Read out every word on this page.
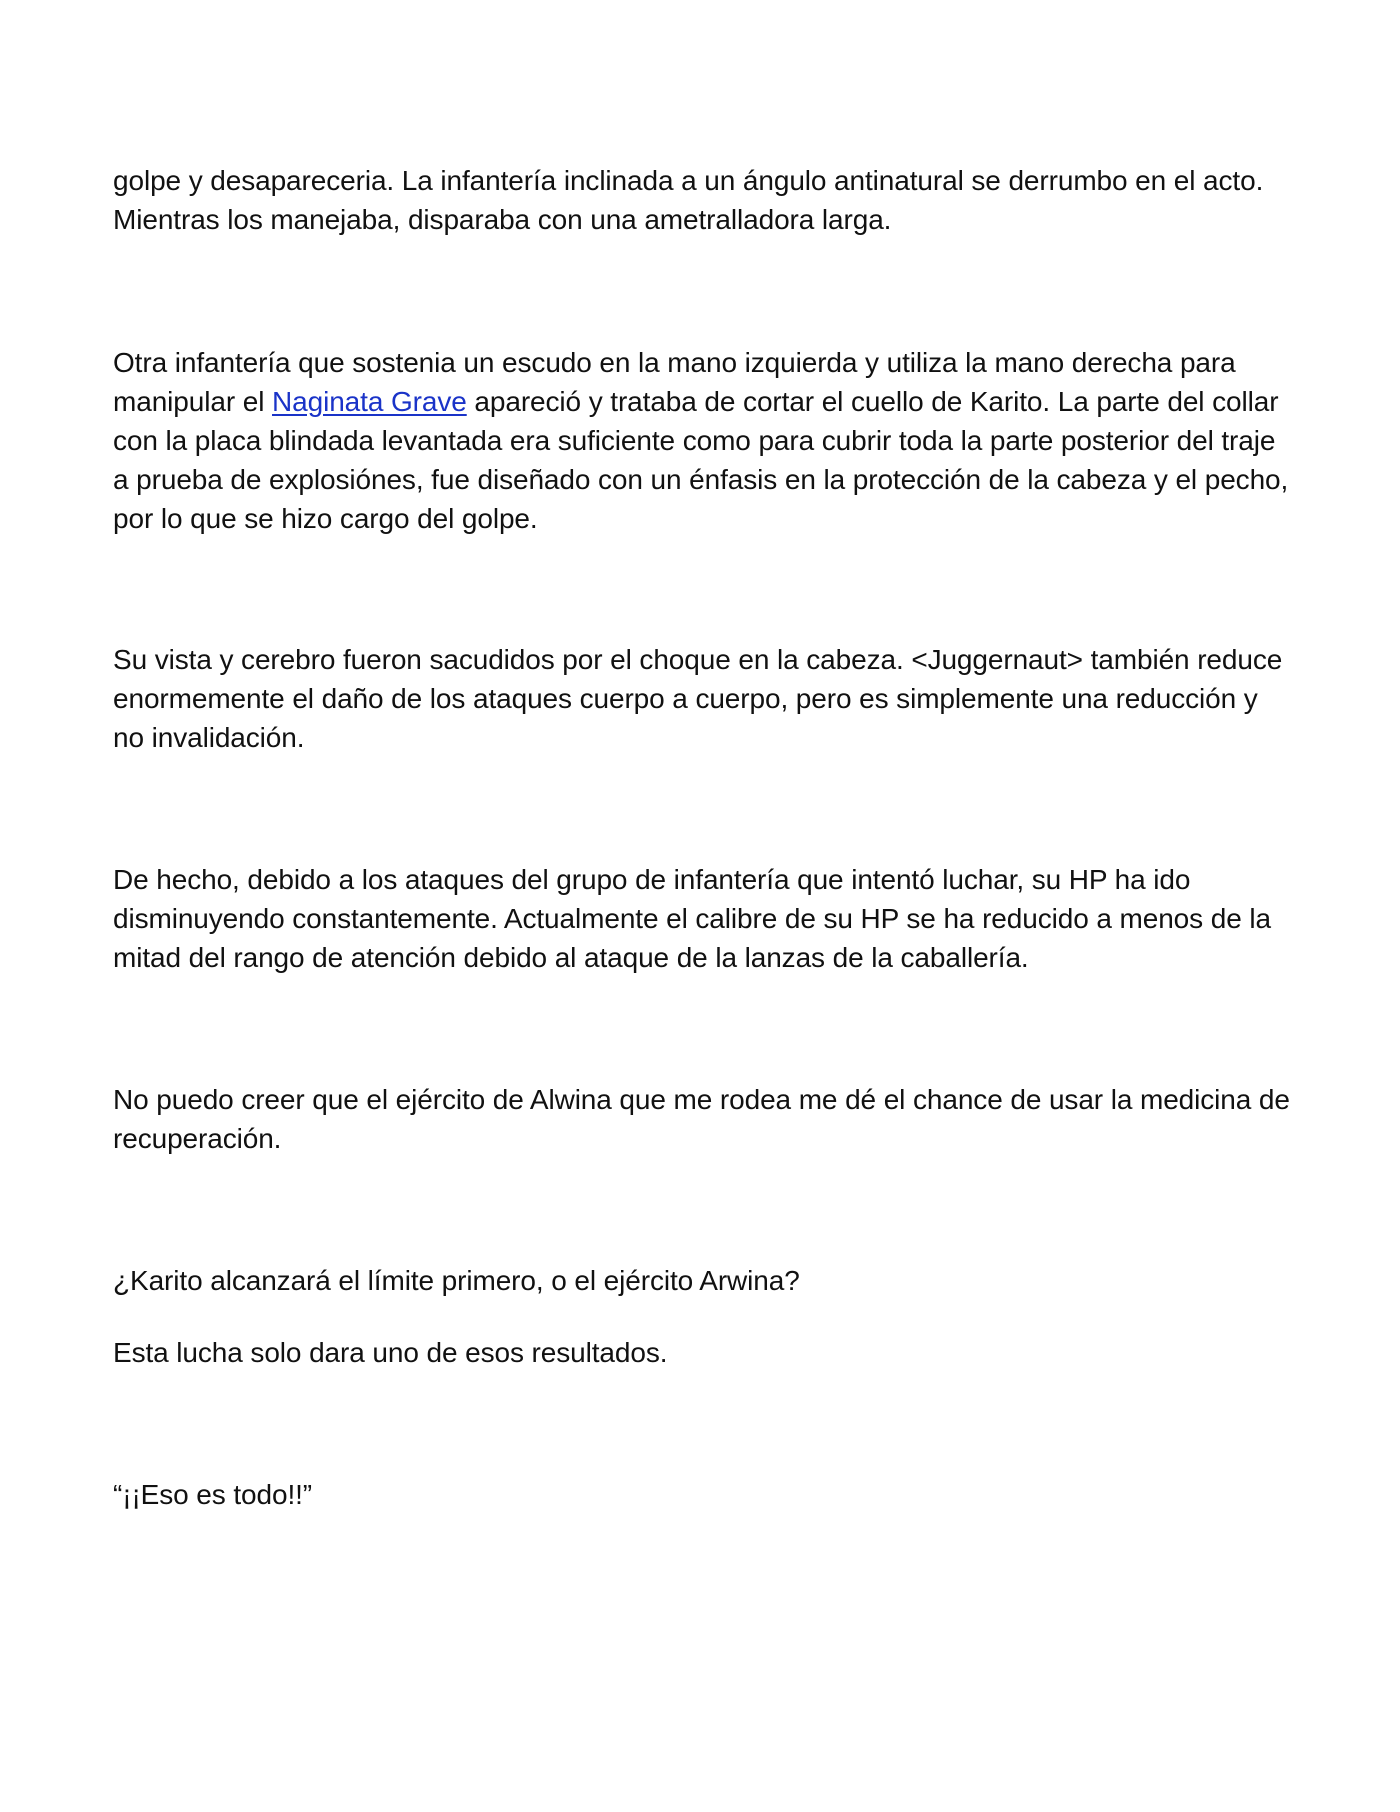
golpe y desapareceria. La infantería inclinada a un ángulo antinatural se derrumbo en el acto. Mientras los manejaba, disparaba con una ametralladora larga.

Otra infantería que sostenia un escudo en la mano izquierda y utiliza la mano derecha para manipular el Naginata Grave apareció y trataba de cortar el cuello de Karito. La parte del collar con la placa blindada levantada era suficiente como para cubrir toda la parte posterior del traje a prueba de explosiónes, fue diseñado con un énfasis en la protección de la cabeza y el pecho, por lo que se hizo cargo del golpe.

Su vista y cerebro fueron sacudidos por el choque en la cabeza. <Juggernaut> también reduce enormemente el daño de los ataques cuerpo a cuerpo, pero es simplemente una reducción y no invalidación.

De hecho, debido a los ataques del grupo de infantería que intentó luchar, su HP ha ido disminuyendo constantemente. Actualmente el calibre de su HP se ha reducido a menos de la mitad del rango de atención debido al ataque de la lanzas de la caballería.

No puedo creer que el ejército de Alwina que me rodea me dé el chance de usar la medicina de recuperación.

¿Karito alcanzará el límite primero, o el ejército Arwina?

Esta lucha solo dara uno de esos resultados.

“¡¡Eso es todo!!”
